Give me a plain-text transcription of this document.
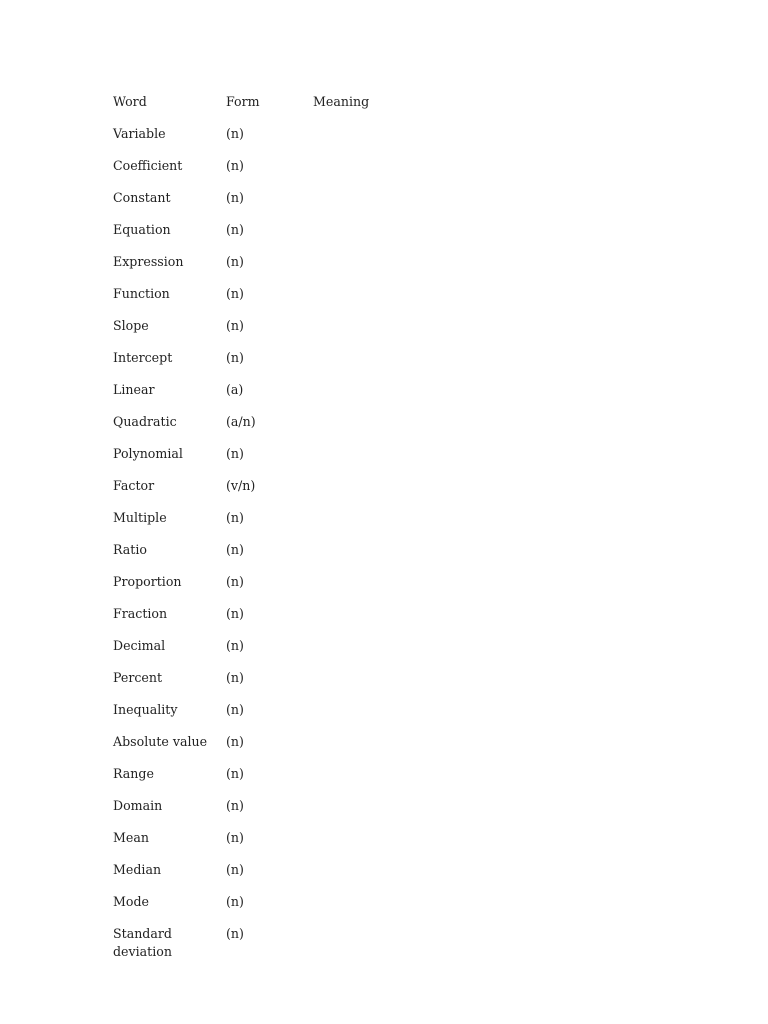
Word	Form	Meaning

Variable	(n)	

Coefficient	(n)	

Constant	(n)	

Equation	(n)	

Expression	(n)	

Function	(n)	

Slope	(n)	

Intercept	(n)	

Linear	(a)	

Quadratic	(a/n)	

Polynomial	(n)	

Factor	(v/n)	

Multiple	(n)	

Ratio	(n)	

Proportion	(n)	

Fraction	(n)	

Decimal	(n)	

Percent	(n)	

Inequality	(n)	

Absolute value	(n)	

Range	(n)	

Domain	(n)	

Mean	(n)	

Median	(n)	

Mode	(n)	

Standard deviation	(n)	
